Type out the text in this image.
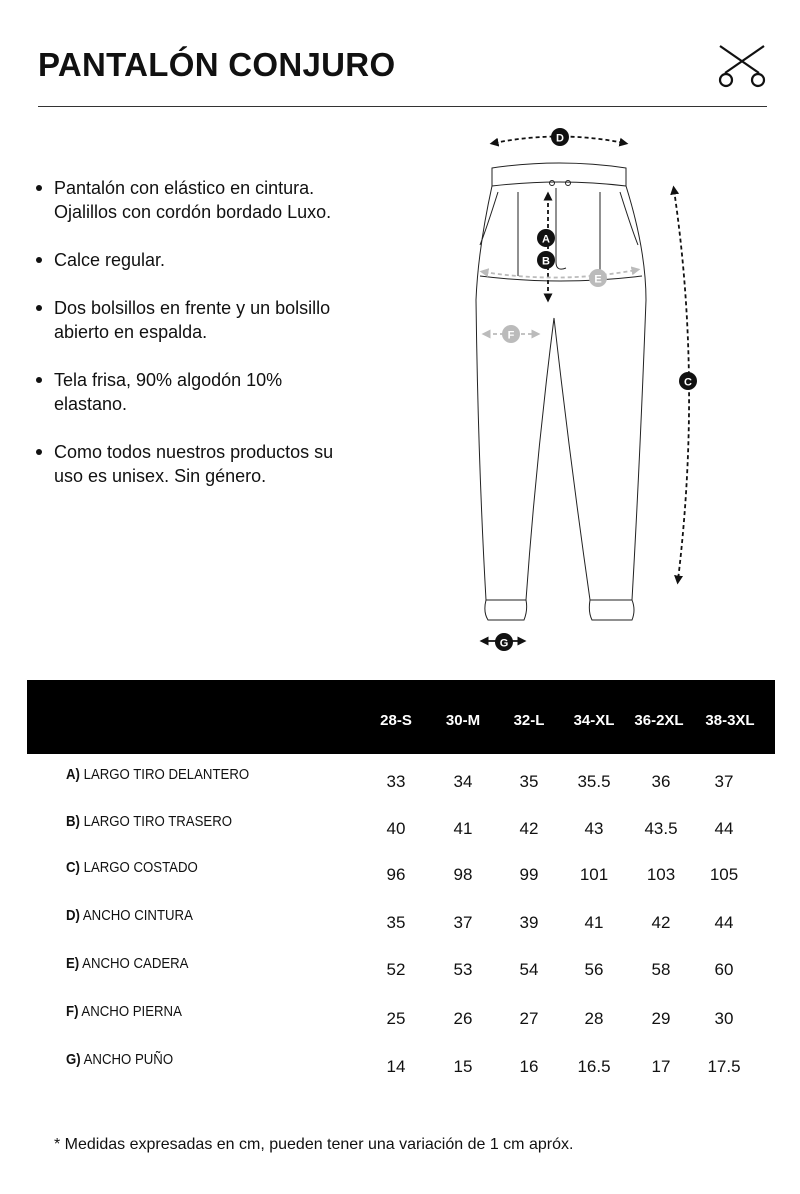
PANTALÓN CONJURO
Pantalón con elástico en cintura. Ojalillos con cordón bordado Luxo.
Calce regular.
Dos bolsillos en frente y un bolsillo abierto en espalda.
Tela frisa, 90% algodón 10% elastano.
Como todos nuestros productos su uso es unisex. Sin género.
D
A
B
E
F
C
G
28-S	30-M	32-L	34-XL	36-2XL	38-3XL
A) LARGO TIRO DELANTERO	33	34	35	35.5	36	37
B) LARGO TIRO TRASERO	40	41	42	43	43.5	44
C) LARGO COSTADO	96	98	99	101	103	105
D) ANCHO CINTURA	35	37	39	41	42	44
E) ANCHO CADERA	52	53	54	56	58	60
F) ANCHO PIERNA	25	26	27	28	29	30
G) ANCHO PUÑO	14	15	16	16.5	17	17.5
* Medidas expresadas en cm, pueden tener una variación de 1 cm apróx.
